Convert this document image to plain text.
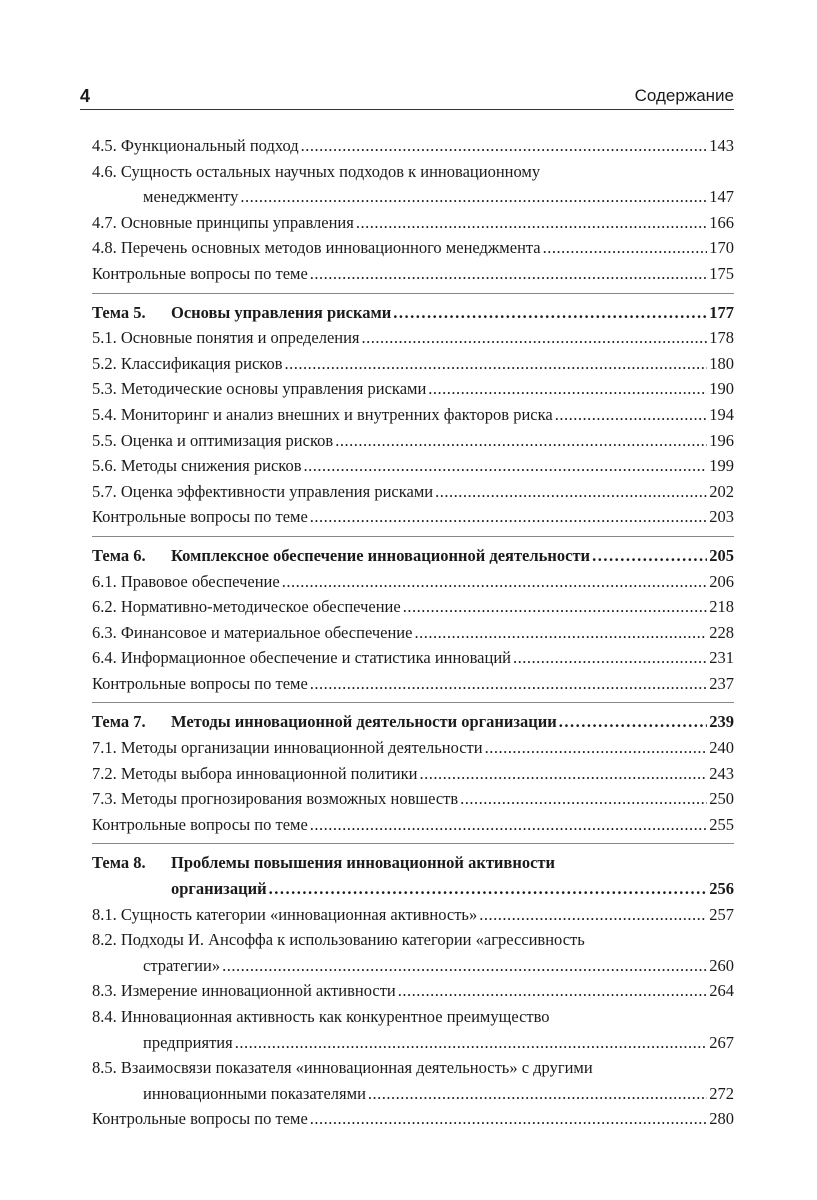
4	Содержание
4.5. Функциональный подход .....	143
4.6. Сущность остальных научных подходов к инновационному
менеджменту .....	147
4.7. Основные принципы управления .....	166
4.8. Перечень основных методов инновационного менеджмента .....	170
Контрольные вопросы по теме .....	175
Тема 5.	Основы управления рисками .....	177
5.1. Основные понятия и определения .....	178
5.2. Классификация рисков .....	180
5.3. Методические основы управления рисками .....	190
5.4. Мониторинг и анализ внешних и внутренних факторов риска .....	194
5.5. Оценка и оптимизация рисков .....	196
5.6. Методы снижения рисков .....	199
5.7. Оценка эффективности управления рисками .....	202
Контрольные вопросы по теме .....	203
Тема 6.	Комплексное обеспечение инновационной деятельности .....	205
6.1. Правовое обеспечение .....	206
6.2. Нормативно-методическое обеспечение .....	218
6.3. Финансовое и материальное обеспечение .....	228
6.4. Информационное обеспечение и статистика инноваций .....	231
Контрольные вопросы по теме .....	237
Тема 7.	Методы инновационной деятельности организации .....	239
7.1. Методы организации инновационной деятельности .....	240
7.2. Методы выбора инновационной политики .....	243
7.3. Методы прогнозирования возможных новшеств .....	250
Контрольные вопросы по теме .....	255
Тема 8. Проблемы повышения инновационной активности
организаций .....	256
8.1. Сущность категории «инновационная активность» .....	257
8.2. Подходы И. Ансоффа к использованию категории «агрессивность
стратегии» .....	260
8.3. Измерение инновационной активности .....	264
8.4. Инновационная активность как конкурентное преимущество
предприятия .....	267
8.5. Взаимосвязи показателя «инновационная деятельность» с другими
инновационными показателями .....	272
Контрольные вопросы по теме .....	280
